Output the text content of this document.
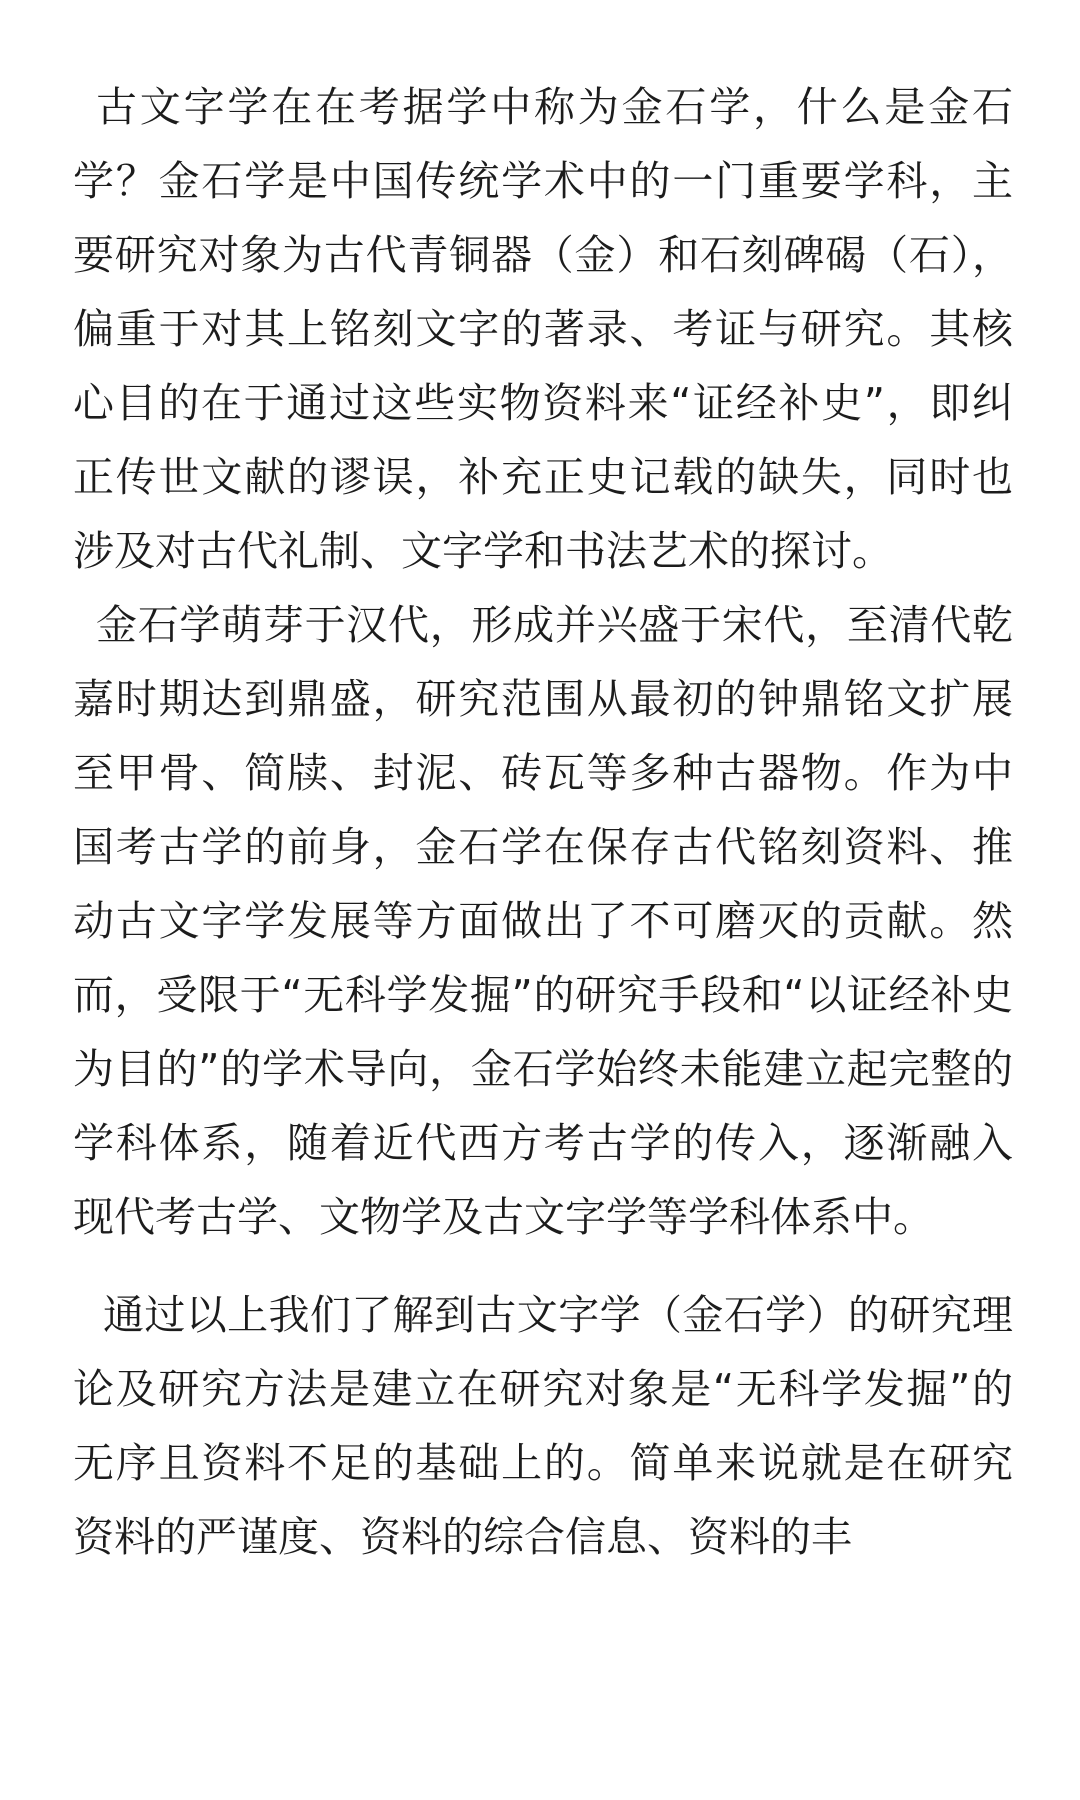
古文字学在在考据学中称为金石学，什么是金石学？金石学是中国传统学术中的一门重要学科，主要研究对象为古代青铜器（金）和石刻碑碣（石），偏重于对其上铭刻文字的著录、考证与研究。其核心目的在于通过这些实物资料来“证经补史”，即纠正传世文献的谬误，补充正史记载的缺失，同时也涉及对古代礼制、文字学和书法艺术的探讨。

金石学萌芽于汉代，形成并兴盛于宋代，至清代乾嘉时期达到鼎盛，研究范围从最初的钟鼎铭文扩展至甲骨、简牍、封泥、砖瓦等多种古器物。作为中国考古学的前身，金石学在保存古代铭刻资料、推动古文字学发展等方面做出了不可磨灭的贡献。然而，受限于“无科学发掘”的研究手段和“以证经补史为目的”的学术导向，金石学始终未能建立起完整的学科体系，随着近代西方考古学的传入，逐渐融入现代考古学、文物学及古文字学等学科体系中。

通过以上我们了解到古文字学（金石学）的研究理论及研究方法是建立在研究对象是“无科学发掘”的无序且资料不足的基础上的。简单来说就是在研究资料的严谨度、资料的综合信息、资料的丰
